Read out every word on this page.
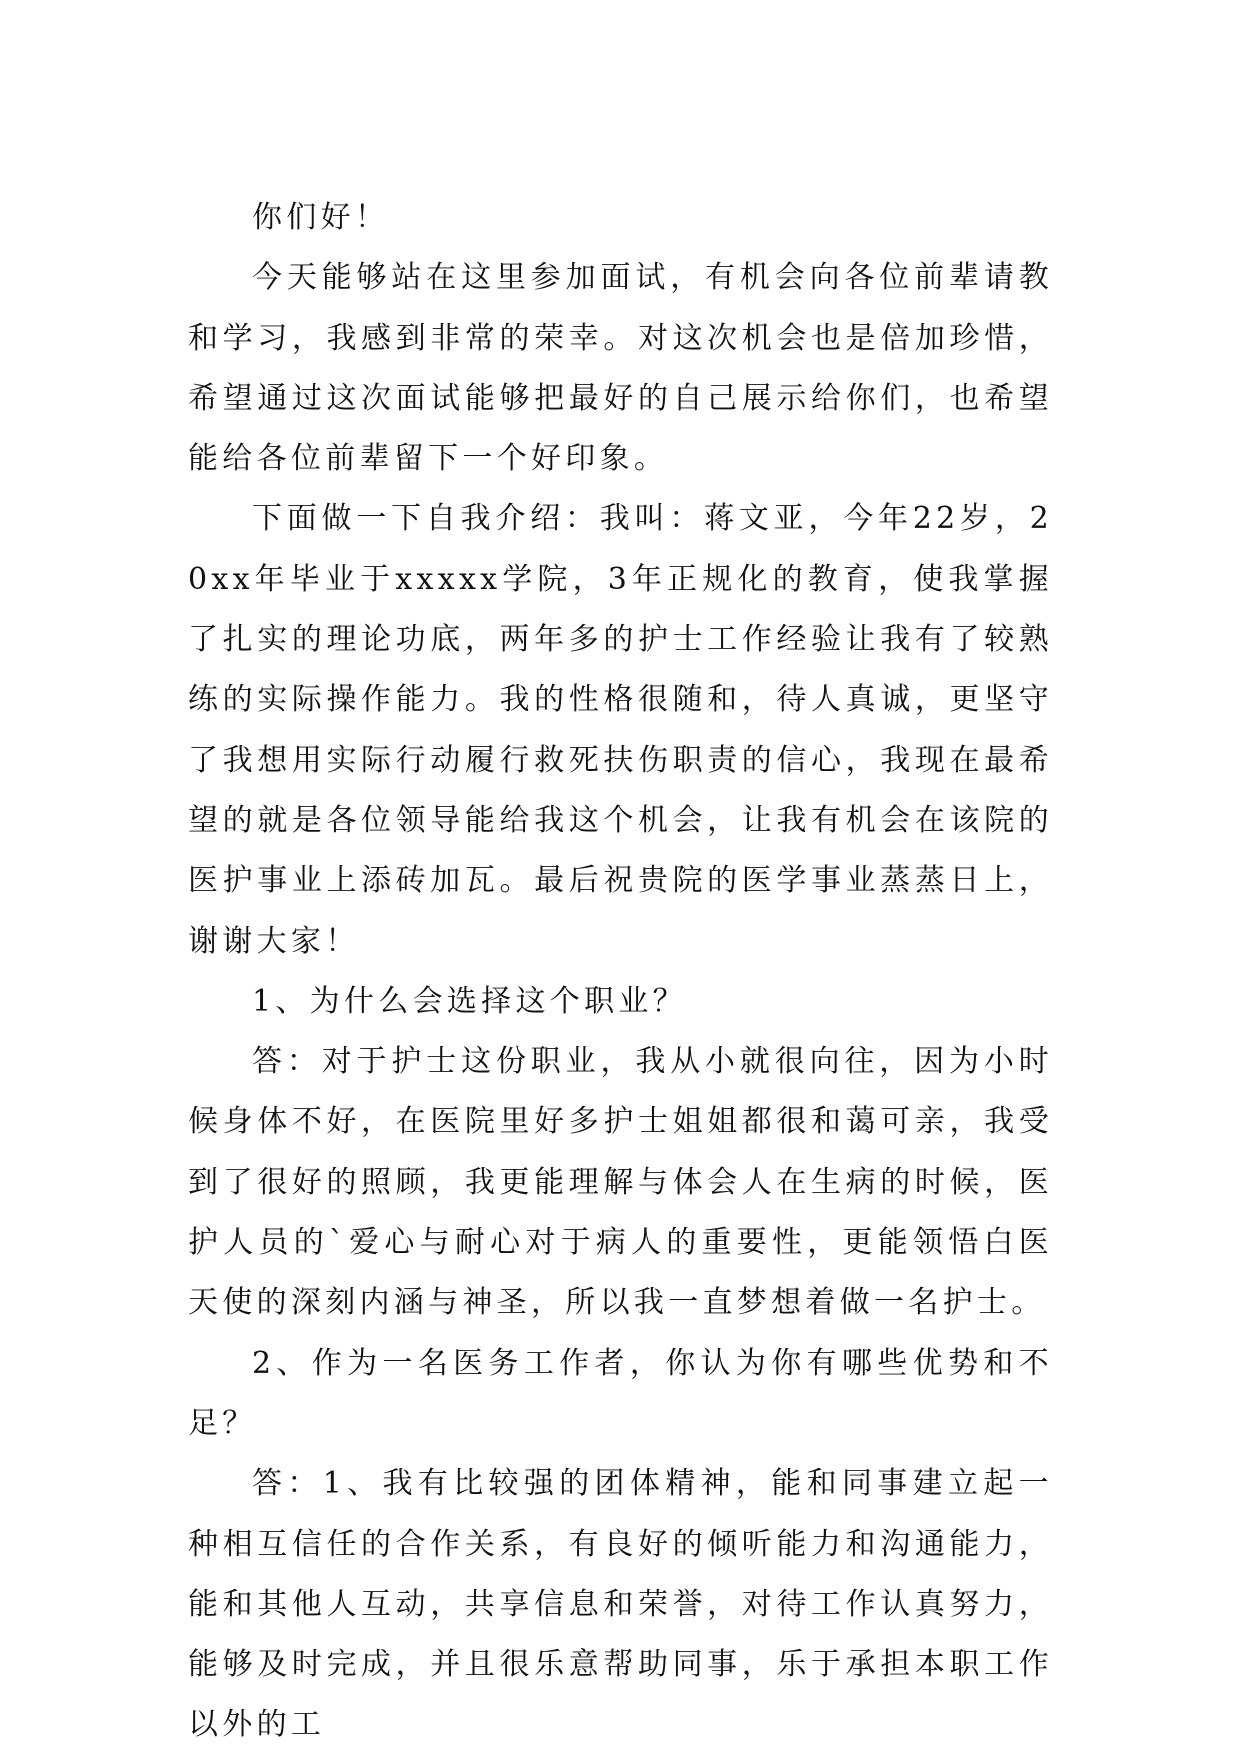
你们好！

今天能够站在这里参加面试，有机会向各位前辈请教和学习，我感到非常的荣幸。对这次机会也是倍加珍惜，希望通过这次面试能够把最好的自己展示给你们，也希望能给各位前辈留下一个好印象。

下面做一下自我介绍：我叫：蒋文亚，今年22岁，20xx年毕业于xxxxx学院，3年正规化的教育，使我掌握了扎实的理论功底，两年多的护士工作经验让我有了较熟练的实际操作能力。我的性格很随和，待人真诚，更坚守了我想用实际行动履行救死扶伤职责的信心，我现在最希望的就是各位领导能给我这个机会，让我有机会在该院的医护事业上添砖加瓦。最后祝贵院的医学事业蒸蒸日上，谢谢大家！

1、为什么会选择这个职业？

答：对于护士这份职业，我从小就很向往，因为小时候身体不好，在医院里好多护士姐姐都很和蔼可亲，我受到了很好的照顾，我更能理解与体会人在生病的时候，医护人员的`爱心与耐心对于病人的重要性，更能领悟白医天使的深刻内涵与神圣，所以我一直梦想着做一名护士。

2、作为一名医务工作者，你认为你有哪些优势和不足？

答：1、我有比较强的团体精神，能和同事建立起一种相互信任的合作关系，有良好的倾听能力和沟通能力，能和其他人互动，共享信息和荣誉，对待工作认真努力，能够及时完成，并且很乐意帮助同事，乐于承担本职工作以外的工
